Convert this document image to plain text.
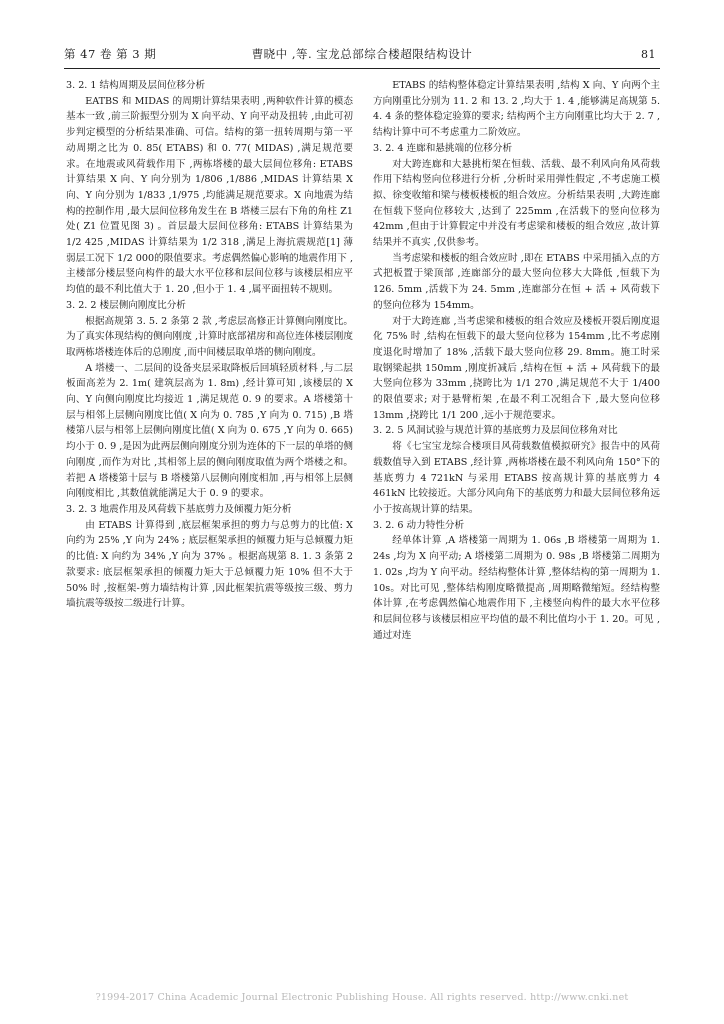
第 47 卷 第 3 期	曹晓中 ,等. 宝龙总部综合楼超限结构设计	81
3. 2. 1 结构周期及层间位移分析

EATBS 和 MIDAS 的周期计算结果表明 ,两种软件计算的模态基本一致 ,前三阶振型分别为 X 向平动、Y 向平动及扭转 ,由此可初步判定模型的分析结果准确、可信。结构的第一扭转周期与第一平动周期之比为 0. 85( ETABS) 和 0. 77( MIDAS) ,满足规范要求。在地震或风荷载作用下 ,两栋塔楼的最大层间位移角: ETABS 计算结果 X 向、Y 向分别为 1/806 ,1/886 ,MIDAS 计算结果 X 向、Y 向分别为 1/833 ,1/975 ,均能满足规范要求。X 向地震为结构的控制作用 ,最大层间位移角发生在 B 塔楼三层右下角的角柱 Z1 处( Z1 位置见图 3) 。首层最大层间位移角: ETABS 计算结果为 1/2 425 ,MIDAS 计算结果为 1/2 318 ,满足上海抗震规范[1] 薄弱层工况下 1/2 000的限值要求。考虑偶然偏心影响的地震作用下 ,主楼部分楼层竖向构件的最大水平位移和层间位移与该楼层相应平均值的最不利比值大于 1. 20 ,但小于 1. 4 ,属平面扭转不规则。

3. 2. 2 楼层侧向刚度比分析

根据高规第 3. 5. 2 条第 2 款 ,考虑层高修正计算侧向刚度比。为了真实体现结构的侧向刚度 ,计算时底部裙房和高位连体楼层刚度取两栋塔楼连体后的总刚度 ,而中间楼层取单塔的侧向刚度。

A 塔楼一、二层间的设备夹层采取降板后回填轻质材料 ,与二层板面高差为 2. 1m( 建筑层高为 1. 8m) ,经计算可知 ,该楼层的 X 向、Y 向侧向刚度比均接近 1 ,满足规范 0. 9 的要求。A 塔楼第十层与相邻上层侧向刚度比值( X 向为 0. 785 ,Y 向为 0. 715) ,B 塔楼第八层与相邻上层侧向刚度比值( X 向为 0. 675 ,Y 向为 0. 665) 均小于 0. 9 ,是因为此两层侧向刚度分别为连体的下一层的单塔的侧向刚度 ,而作为对比 ,其相邻上层的侧向刚度取值为两个塔楼之和。若把 A 塔楼第十层与 B 塔楼第八层侧向刚度相加 ,再与相邻上层侧向刚度相比 ,其数值就能满足大于 0. 9 的要求。

3. 2. 3 地震作用及风荷载下基底剪力及倾覆力矩分析

由 ETABS 计算得到 ,底层框架承担的剪力与总剪力的比值: X 向约为 25% ,Y 向为 24% ; 底层框架承担的倾覆力矩与总倾覆力矩的比值: X 向约为 34% ,Y 向为 37% 。根据高规第 8. 1. 3 条第 2 款要求: 底层框架承担的倾覆力矩大于总倾覆力矩 10% 但不大于 50% 时 ,按框架-剪力墙结构计算 ,因此框架抗震等级按三级、剪力墙抗震等级按二级进行计算。

ETABS 的结构整体稳定计算结果表明 ,结构 X 向、Y 向两个主方向刚重比分别为 11. 2 和 13. 2 ,均大于 1. 4 ,能够满足高规第 5. 4. 4 条的整体稳定验算的要求; 结构两个主方向刚重比均大于 2. 7 ,结构计算中可不考虑重力二阶效应。

3. 2. 4 连廊和悬挑端的位移分析

对大跨连廊和大悬挑桁架在恒载、活载、最不利风向角风荷载作用下结构竖向位移进行分析 ,分析时采用弹性假定 ,不考虑施工模拟、徐变收缩和梁与楼板楼板的组合效应。分析结果表明 ,大跨连廊在恒载下竖向位移较大 ,达到了 225mm ,在活载下的竖向位移为 42mm ,但由于计算假定中并没有考虑梁和楼板的组合效应 ,故计算结果并不真实 ,仅供参考。

当考虑梁和楼板的组合效应时 ,即在 ETABS 中采用插入点的方式把板置于梁顶部 ,连廊部分的最大竖向位移大大降低 ,恒载下为 126. 5mm ,活载下为 24. 5mm ,连廊部分在恒 + 活 + 风荷载下的竖向位移为 154mm。

对于大跨连廊 ,当考虑梁和楼板的组合效应及楼板开裂后刚度退化 75% 时 ,结构在恒载下的最大竖向位移为 154mm ,比不考虑刚度退化时增加了 18% ,活载下最大竖向位移 29. 8mm。施工时采取钢梁起拱 150mm ,刚度折减后 ,结构在恒 + 活 + 风荷载下的最大竖向位移为 33mm ,挠跨比为 1/1 270 ,满足规范不大于 1/400 的限值要求; 对于悬臂桁架 ,在最不利工况组合下 ,最大竖向位移 13mm ,挠跨比 1/1 200 ,远小于规范要求。

3. 2. 5 风洞试验与规范计算的基底剪力及层间位移角对比

将《七宝宝龙综合楼项目风荷载数值模拟研究》报告中的风荷载数值导入到 ETABS ,经计算 ,两栋塔楼在最不利风向角 150°下的基底剪力 4 721kN 与采用 ETABS 按高规计算的基底剪力 4 461kN 比较接近。大部分风向角下的基底剪力和最大层间位移角远小于按高规计算的结果。

3. 2. 6 动力特性分析

经单体计算 ,A 塔楼第一周期为 1. 06s ,B 塔楼第一周期为 1. 24s ,均为 X 向平动; A 塔楼第二周期为 0. 98s ,B 塔楼第二周期为 1. 02s ,均为 Y 向平动。经结构整体计算 ,整体结构的第一周期为 1. 10s。对比可见 ,整体结构刚度略微提高 ,周期略微缩短。经结构整体计算 ,在考虑偶然偏心地震作用下 ,主楼竖向构件的最大水平位移和层间位移与该楼层相应平均值的最不利比值均小于 1. 20。可见 ,通过对连

?1994-2017 China Academic Journal Electronic Publishing House. All rights reserved. http://www.cnki.net
